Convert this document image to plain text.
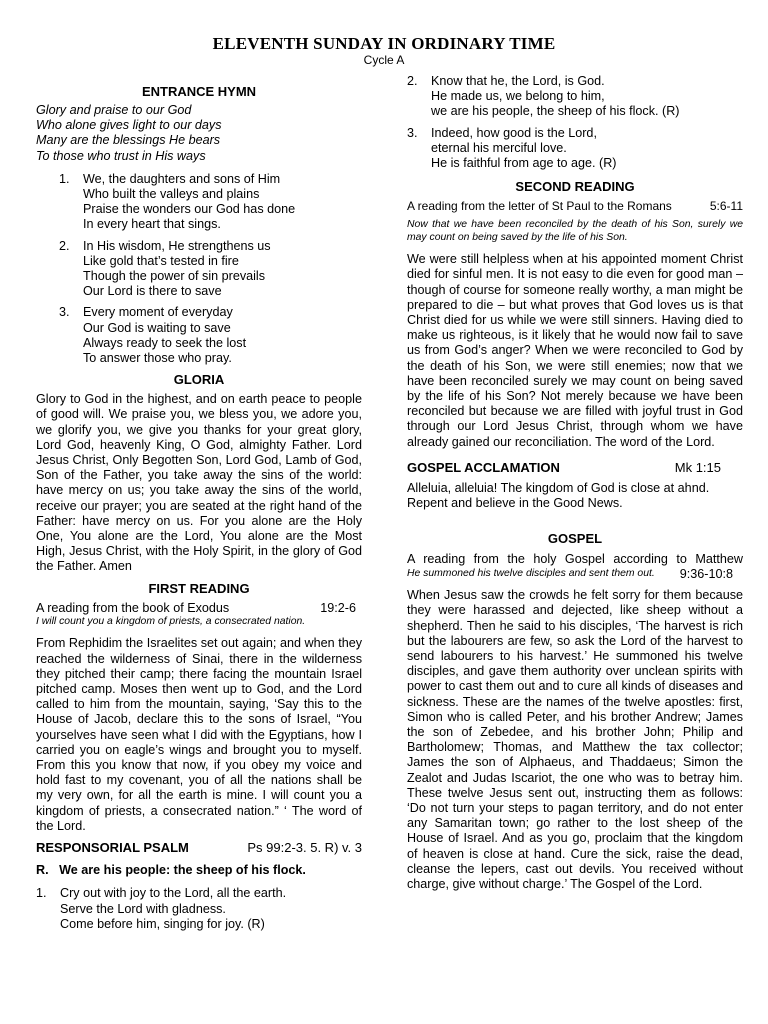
ELEVENTH SUNDAY IN ORDINARY TIME
Cycle A
ENTRANCE HYMN
Glory and praise to our God
Who alone gives light to our days
Many are the blessings He bears
To those who trust in His ways
1.	We, the daughters and sons of Him
Who built the valleys and plains
Praise the wonders our God has done
In every heart that sings.
2.	In His wisdom, He strengthens us
Like gold that’s tested in fire
Though the power of sin prevails
Our Lord is there to save
3.	Every moment of everyday
Our God is waiting to save
Always ready to seek the lost
To answer those who pray.
GLORIA

Glory to God in the highest, and on earth peace to people of good will. We praise you, we bless you, we adore you, we glorify you, we give you thanks for your great glory, Lord God, heavenly King, O God, almighty Father. Lord Jesus Christ, Only Begotten Son, Lord God, Lamb of God, Son of the Father, you take away the sins of the world: have mercy on us; you take away the sins of the world, receive our prayer; you are seated at the right hand of the Father: have mercy on us. For you alone are the Holy One, You alone are the Lord, You alone are the Most High, Jesus Christ, with the Holy Spirit, in the glory of God the Father. Amen

FIRST READING
A reading from the book of Exodus	19:2-6

I will count you a kingdom of priests, a consecrated nation.

From Rephidim the Israelites set out again; and when they reached the wilderness of Sinai, there in the wilderness they pitched their camp; there facing the mountain Israel pitched camp. Moses then went up to God, and the Lord called to him from the mountain, saying, ‘Say this to the House of Jacob, declare this to the sons of Israel, “You yourselves have seen what I did with the Egyptians, how I carried you on eagle’s wings and brought you to myself. From this you know that now, if you obey my voice and hold fast to my covenant, you of all the nations shall be my very own, for all the earth is mine. I will count you a kingdom of priests, a consecrated nation.” ‘ The word of the Lord.

RESPONSORIAL PSALM	Ps 99:2-3. 5. R) v. 3
R. We are his people: the sheep of his flock.
1.	Cry out with joy to the Lord, all the earth.
Serve the Lord with gladness.
Come before him, singing for joy. (R)
2.	Know that he, the Lord, is God.
He made us, we belong to him,
we are his people, the sheep of his flock. (R)
3.	Indeed, how good is the Lord,
eternal his merciful love.
He is faithful from age to age. (R)
SECOND READING
A reading from the letter of St Paul to the Romans	5:6-11

Now that we have been reconciled by the death of his Son, surely we may count on being saved by the life of his Son.

We were still helpless when at his appointed moment Christ died for sinful men. It is not easy to die even for good man – though of course for someone really worthy, a man might be prepared to die – but what proves that God loves us is that Christ died for us while we were still sinners. Having died to make us righteous, is it likely that he would now fail to save us from God’s anger? When we were reconciled to God by the death of his Son, we were still enemies; now that we have been reconciled surely we may count on being saved by the life of his Son? Not merely because we have been reconciled but because we are filled with joyful trust in God through our Lord Jesus Christ, through whom we have already gained our reconciliation. The word of the Lord.

GOSPEL ACCLAMATION	Mk 1:15

Alleluia, alleluia! The kingdom of God is close at ahnd. Repent and believe in the Good News.

GOSPEL
A reading from the holy Gospel according to Matthew
9:36-10:8

He summoned his twelve disciples and sent them out.

When Jesus saw the crowds he felt sorry for them because they were harassed and dejected, like sheep without a shepherd. Then he said to his disciples, ‘The harvest is rich but the labourers are few, so ask the Lord of the harvest to send labourers to his harvest.’ He summoned his twelve disciples, and gave them authority over unclean spirits with power to cast them out and to cure all kinds of diseases and sickness. These are the names of the twelve apostles: first, Simon who is called Peter, and his brother Andrew; James the son of Zebedee, and his brother John; Philip and Bartholomew; Thomas, and Matthew the tax collector; James the son of Alphaeus, and Thaddaeus; Simon the Zealot and Judas Iscariot, the one who was to betray him. These twelve Jesus sent out, instructing them as follows: ‘Do not turn your steps to pagan territory, and do not enter any Samaritan town; go rather to the lost sheep of the House of Israel. And as you go, proclaim that the kingdom of heaven is close at hand. Cure the sick, raise the dead, cleanse the lepers, cast out devils. You received without charge, give without charge.’ The Gospel of the Lord.
